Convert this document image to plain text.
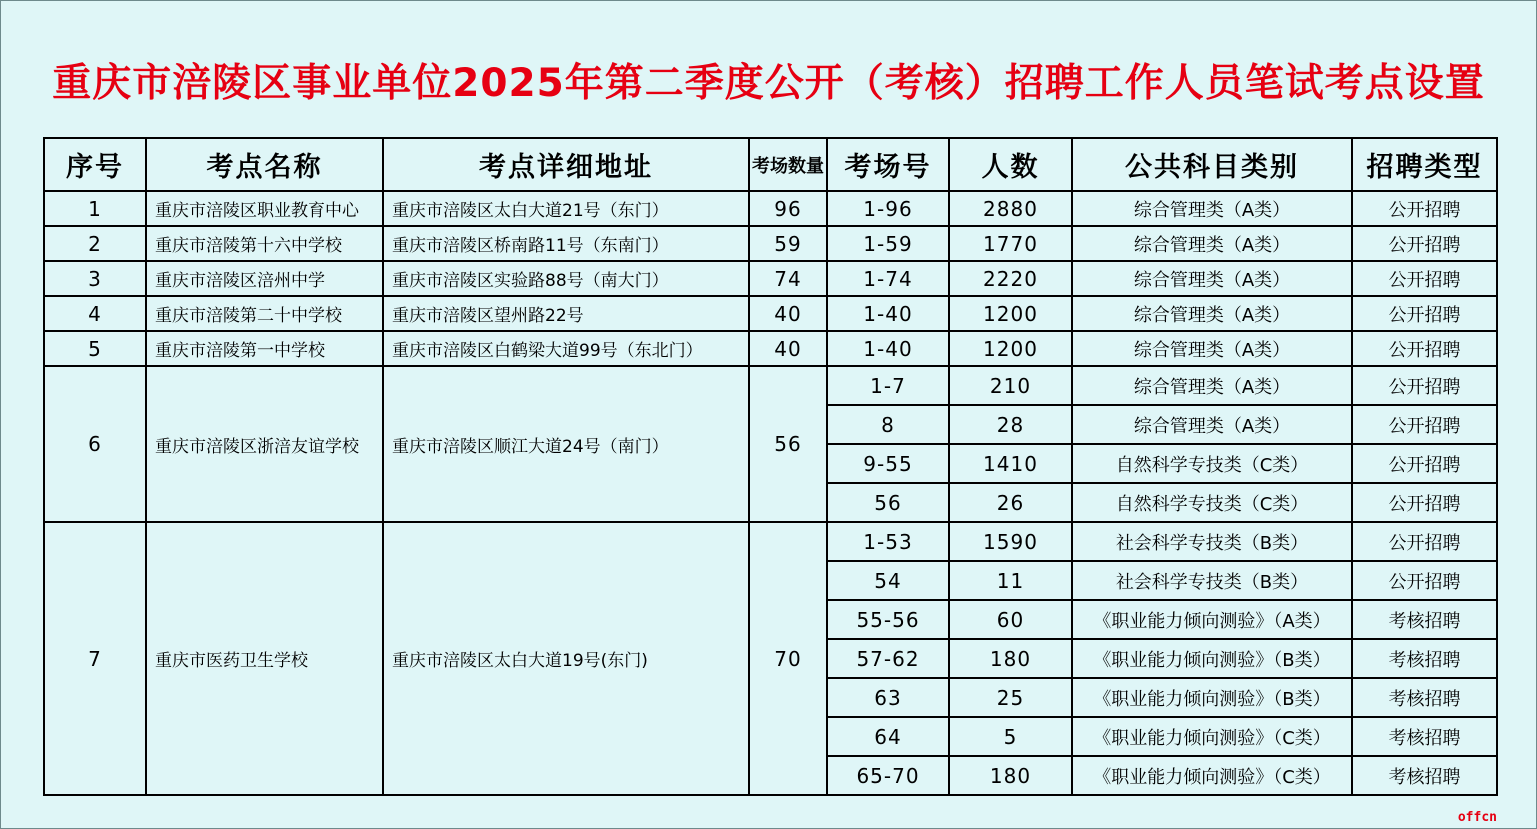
重庆市涪陵区事业单位2025年第二季度公开（考核）招聘工作人员笔试考点设置
序号	考点名称	考点详细地址	考场数量	考场号	人数	公共科目类别	招聘类型
1	重庆市涪陵区职业教育中心	重庆市涪陵区太白大道21号（东门）	96	1-96	2880	综合管理类（A类）	公开招聘
2	重庆市涪陵第十六中学校	重庆市涪陵区桥南路11号（东南门）	59	1-59	1770	综合管理类（A类）	公开招聘
3	重庆市涪陵区涪州中学	重庆市涪陵区实验路88号（南大门）	74	1-74	2220	综合管理类（A类）	公开招聘
4	重庆市涪陵第二十中学校	重庆市涪陵区望州路22号	40	1-40	1200	综合管理类（A类）	公开招聘
5	重庆市涪陵第一中学校	重庆市涪陵区白鹤梁大道99号（东北门）	40	1-40	1200	综合管理类（A类）	公开招聘
6	重庆市涪陵区浙涪友谊学校	重庆市涪陵区顺江大道24号（南门）	56	1-7	210	综合管理类（A类）	公开招聘
				8	28	综合管理类（A类）	公开招聘
				9-55	1410	自然科学专技类（C类）	公开招聘
				56	26	自然科学专技类（C类）	公开招聘
7	重庆市医药卫生学校	重庆市涪陵区太白大道19号(东门)	70	1-53	1590	社会科学专技类（B类）	公开招聘
				54	11	社会科学专技类（B类）	公开招聘
				55-56	60	《职业能力倾向测验》（A类）	考核招聘
				57-62	180	《职业能力倾向测验》（B类）	考核招聘
				63	25	《职业能力倾向测验》（B类）	考核招聘
				64	5	《职业能力倾向测验》（C类）	考核招聘
				65-70	180	《职业能力倾向测验》（C类）	考核招聘
offcn
